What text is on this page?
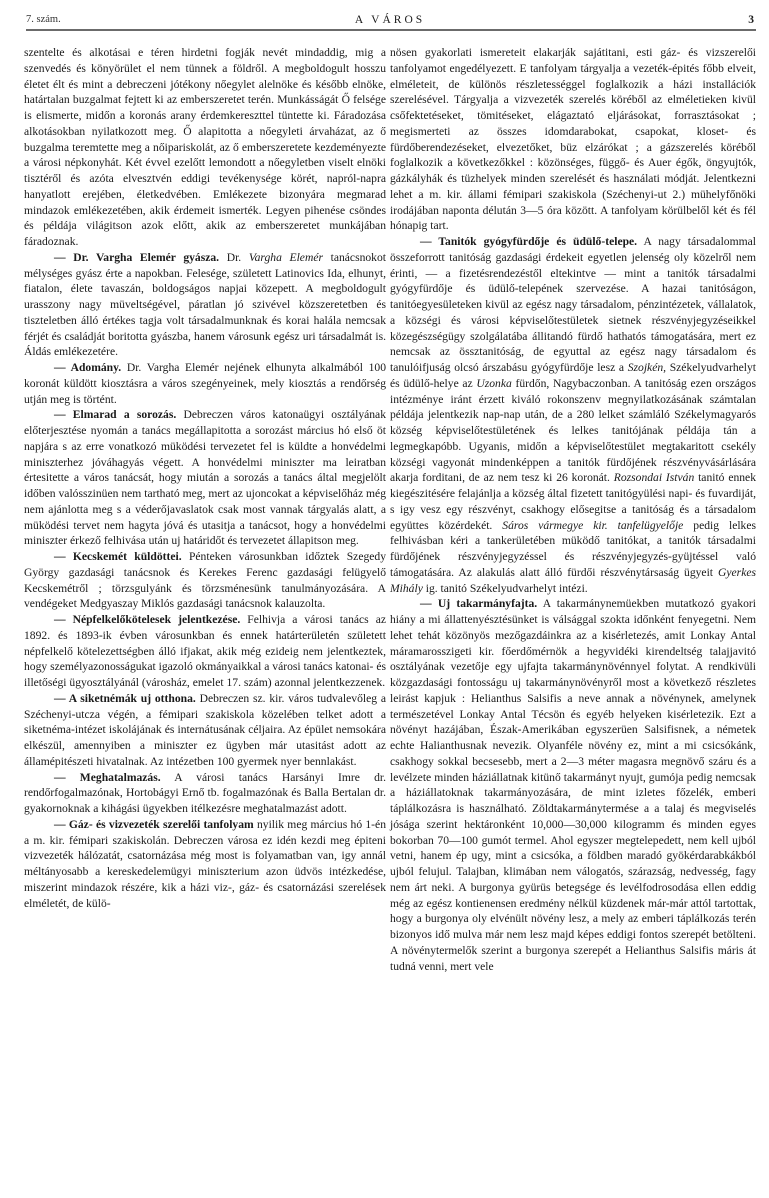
7. szám.	A VÁROS	3

szentelte és alkotásai e téren hirdetni fogják nevét mindaddig, mig a szenvedés és könyörület el nem tünnek a földről. A megboldogult hosszu életet élt és mint a debreczeni jótékony nőegylet alelnöke és később elnöke, határtalan buzgalmat fejtett ki az emberszeretet terén. Munkásságát Ő felsége is elismerte, midőn a koronás arany érdemkereszttel tüntette ki. Fáradozása alkotásokban nyilatkozott meg. Ő alapitotta a nőegyleti árvaházat, az ő buzgalma teremtette meg a nőipariskolát, az ő emberszeretete kezdeményezte a városi népkonyhát. Két évvel ezelőtt lemondott a nőegyletben viselt elnöki tisztéről és azóta elvesztvén eddigi tevékenysége körét, napról-napra hanyatlott erejében, életkedvében. Emlékezete bizonyára megmarad mindazok emlékezetében, akik érdemeit ismerték. Legyen pihenése csöndes és példája világitson azok előtt, akik az emberszeretet munkájában fáradoznak.

— Dr. Vargha Elemér gyásza. Dr. Vargha Elemér tanácsnokot mélységes gyász érte a napokban. Felesége, született Latinovics Ida, elhunyt, fiatalon, élete tavaszán, boldogságos napjai közepett. A megboldogult urasszony nagy müveltségével, páratlan jó szivével közszeretetben és tiszteletben álló értékes tagja volt társadalmunknak és korai halála nemcsak férjét és családját boritotta gyászba, hanem városunk egész uri társadalmát is. Áldás emlékezetére.

— Adomány. Dr. Vargha Elemér nejének elhunyta alkalmából 100 koronát küldött kiosztásra a város szegényeinek, mely kiosztás a rendőrség utján meg is történt.

— Elmarad a sorozás. Debreczen város katonaügyi osztályának előterjesztése nyomán a tanács megállapitotta a sorozást március hó első öt napjára s az erre vonatkozó müködési tervezetet fel is küldte a honvédelmi miniszterhez jóváhagyás végett. A honvédelmi miniszter ma leiratban értesitette a város tanácsát, hogy miután a sorozás a tanács által megjelölt időben valósszinüen nem tartható meg, mert az ujoncokat a képviselőház még nem ajánlotta meg s a véderőjavaslatok csak most vannak tárgyalás alatt, a müködési tervet nem hagyta jóvá és utasitja a tanácsot, hogy a honvédelmi miniszter érkező felhivása után uj határidőt és tervezetet állapitson meg.

— Kecskemét küldöttei. Pénteken városunkban időztek Szegedy György gazdasági tanácsnok és Kerekes Ferenc gazdasági felügyelő Kecskemétről ; törzsgulyánk és törzsménesünk tanulmányozására. A vendégeket Medgyaszay Miklós gazdasági tanácsnok kalauzolta.

— Népfelkelőkötelesek jelentkezése. Felhivja a városi tanács az 1892. és 1893-ik évben városunkban és ennek határterületén született népfelkelő kötelezettségben álló ifjakat, akik még ezideig nem jelentkeztek, hogy személyazonosságukat igazoló okmányaikkal a városi tanács katonai- és illetőségi ügyosztályánál (városház, emelet 17. szám) azonnal jelentkezzenek.

— A siketnémák uj otthona. Debreczen sz. kir. város tudvalevőleg a Széchenyi-utcza végén, a fémipari szakiskola közelében telket adott a siketnéma-intézet iskolájának és internátusának céljaira. Az épület nemsokára elkészül, amennyiben a miniszter ez ügyben már utasitást adott az államépitészeti hivatalnak. Az intézetben 100 gyermek nyer bennlakást.

— Meghatalmazás. A városi tanács Harsányi Imre dr. rendőrfogalmazónak, Hortobágyi Ernő tb. fogalmazónak és Balla Bertalan dr. gyakornoknak a kihágási ügyekben itélkezésre meghatalmazást adott.

— Gáz- és vizvezeték szerelői tanfolyam nyilik meg március hó 1-én a m. kir. fémipari szakiskolán. Debreczen városa ez idén kezdi meg épiteni vizvezeték hálózatát, csatornázása még most is folyamatban van, igy annál méltányosabb a kereskedelemügyi miniszterium azon üdvös intézkedése, miszerint mindazok részére, kik a házi viz-, gáz- és csatornázási szerelések elméletét, de külö-

nösen gyakorlati ismereteit elakarják sajátitani, esti gáz- és vizszerelői tanfolyamot engedélyezett. E tanfolyam tárgyalja a vezeték-épités főbb elveit, elméleteit, de különös részletességgel foglalkozik a házi installációk szerelésével. Tárgyalja a vizvezeték szerelés köréből az elméletieken kivül csőfektetéseket, tömitéseket, elágaztató eljárásokat, forrasztásokat ; megismerteti az összes idomdarabokat, csapokat, kloset- és fürdőberendezéseket, elvezetőket, büz elzárókat ; a gázszerelés köréből foglalkozik a következőkkel : közönséges, függő- és Auer égők, öngyujtók, gázkályhák és tüzhelyek minden szerelését és használati módját. Jelentkezni lehet a m. kir. állami fémipari szakiskola (Széchenyi-ut 2.) mühelyfőnöki irodájában naponta délután 3—5 óra között. A tanfolyam körülbelől két és fél hónapig tart.

— Tanitók gyógyfürdője és üdülő-telepe. A nagy társadalommal összeforrott tanitóság gazdasági érdekeit egyetlen jelenség oly közelről nem érinti, — a fizetésrendezéstől eltekintve — mint a tanitók társadalmi gyógyfürdője és üdülő-telepének szervezése. A hazai tanitóságon, tanitóegyesületeken kivül az egész nagy társadalom, pénzintézetek, vállalatok, a községi és városi képviselőtestületek sietnek részvényjegyzéseikkel közegészségügy szolgálatába állitandó fürdő hathatós támogatására, mert ez nemcsak az össztanitóság, de egyuttal az egész nagy társadalom és tanulóifjuság olcsó árszabásu gyógyfürdője lesz a Szojkén, Székelyudvarhelyt és üdülő-helye az Uzonka fürdőn, Nagybaczonban. A tanitóság ezen országos intézménye iránt érzett kiváló rokonszenv megnyilatkozásának számtalan példája jelentkezik nap-nap után, de a 280 lelket számláló Székelymagyarós község képviselőtestületének és lelkes tanitójának példája tán a legmegkapóbb. Ugyanis, midőn a képviselőtestület megtakaritott csekély községi vagyonát mindenképpen a tanitók fürdőjének részvényvásárlására akarja forditani, de az nem tesz ki 26 koronát. Rozsondai István tanitó ennek kiegészitésére felajánlja a község által fizetett tanitógyülési napi- és fuvardiját, s igy vesz egy részvényt, csakhogy elősegitse a tanitóság és a társadalom együttes közérdekét. Sáros vármegye kir. tanfelügyelője pedig lelkes felhivásban kéri a tankerületében müködő tanitókat, a tanitók társadalmi fürdőjének részvényjegyzéssel és részvényjegyzés-gyüjtéssel való támogatására. Az alakulás alatt álló fürdői részvénytársaság ügyeit Gyerkes Mihály ig. tanitó Székelyudvarhelyt intézi.

— Uj takarmányfajta. A takarmánynemüekben mutatkozó gyakori hiány a mi állattenyésztésünket is válsággal szokta időnként fenyegetni. Nem lehet tehát közönyös mezőgazdáinkra az a kisérletezés, amit Lonkay Antal máramarosszigeti kir. főerdőmérnök a hegyvidéki kirendeltség talajjavitó osztályának vezetője egy ujfajta takarmánynövénnyel folytat. A rendkivüli közgazdasági fontosságu uj takarmánynövényről most a következő részletes leirást kapjuk : Helianthus Salsifis a neve annak a növénynek, amelynek természetével Lonkay Antal Técsön és egyéb helyeken kisérletezik. Ezt a növényt hazájában, Észak-Amerikában egyszerüen Salsifisnek, a németek echte Halianthusnak nevezik. Olyanféle növény ez, mint a mi csicsókánk, csakhogy sokkal becsesebb, mert a 2—3 méter magasra megnövő száru és a levélzete minden háziállatnak kitünő takarmányt nyujt, gumója pedig nemcsak a háziállatoknak takarmányozására, de mint izletes főzelék, emberi táplálkozásra is használható. Zöldtakarmánytermése a a talaj és megviselés jósága szerint hektáronként 10,000—30,000 kilogramm és minden egyes bokorban 70—100 gumót termel. Ahol egyszer megtelepedett, nem kell ujból vetni, hanem ép ugy, mint a csicsóka, a földben maradó gyökérdarabkákból ujból felujul. Talajban, klimában nem válogatós, szárazság, nedvesség, fagy nem árt neki. A burgonya gyürüs betegsége és levélfodrosodása ellen eddig még az egész kontienensen eredmény nélkül küzdenek már-már attól tartottak, hogy a burgonya oly elvénült növény lesz, a mely az emberi táplálkozás terén bizonyos idő mulva már nem lesz majd képes eddigi fontos szerepét betölteni. A növénytermelők szerint a burgonya szerepét a Helianthus Salsifis máris át tudná venni, mert vele
